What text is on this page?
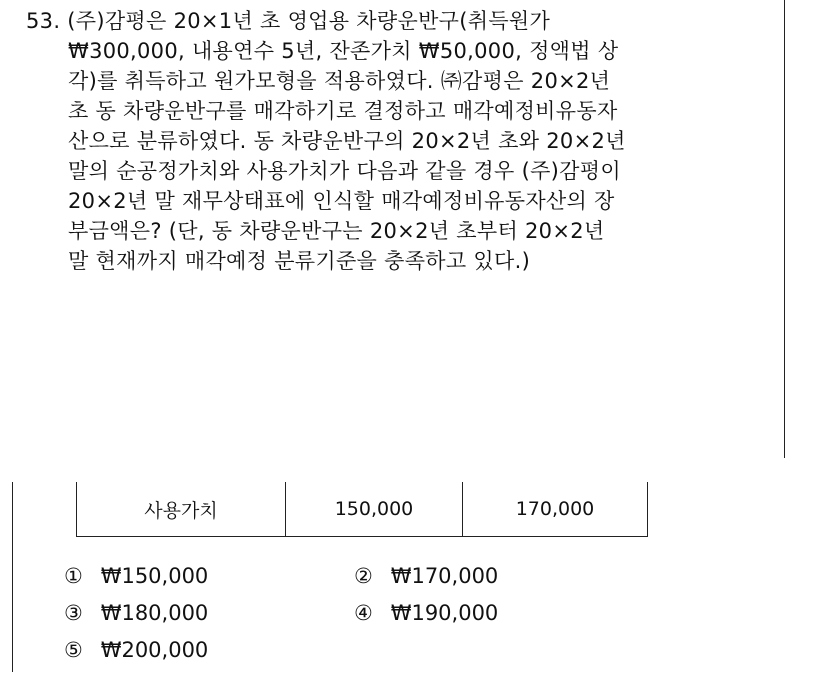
53. (주)감평은 20×1년 초 영업용 차량운반구(취득원가
₩300,000, 내용연수 5년, 잔존가치 ₩50,000, 정액법 상
각)를 취득하고 원가모형을 적용하였다. ㈜감평은 20×2년
초 동 차량운반구를 매각하기로 결정하고 매각예정비유동자
산으로 분류하였다. 동 차량운반구의 20×2년 초와 20×2년
말의 순공정가치와 사용가치가 다음과 같을 경우 (주)감평이
20×2년 말 재무상태표에 인식할 매각예정비유동자산의 장
부금액은? (단, 동 차량운반구는 20×2년 초부터 20×2년
말 현재까지 매각예정 분류기준을 충족하고 있다.)
사용가치	150,000	170,000
① ₩150,000	② ₩170,000
③ ₩180,000	④ ₩190,000
⑤ ₩200,000
